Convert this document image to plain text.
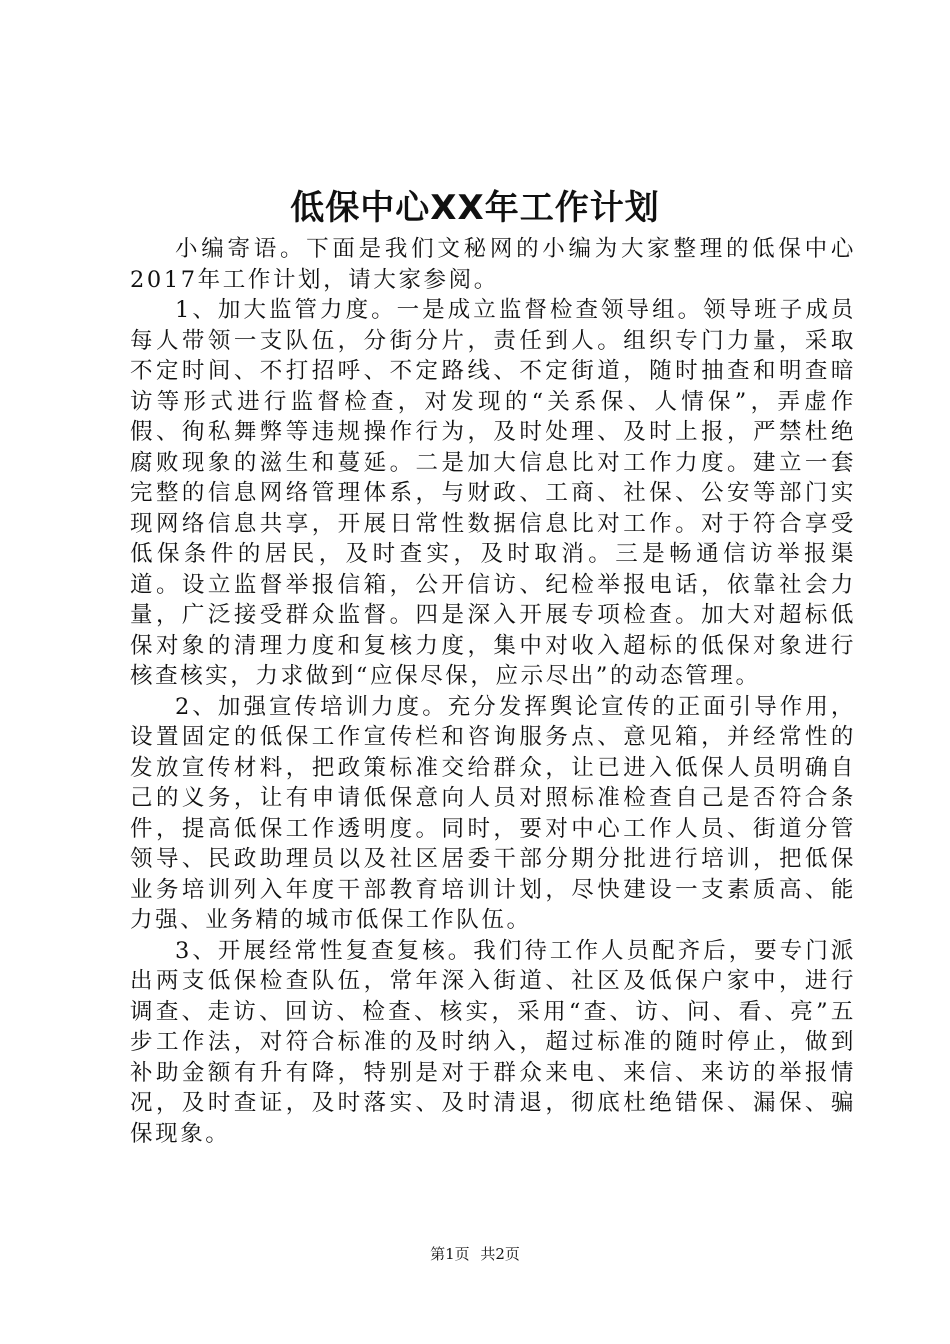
低保中心XX年工作计划

小编寄语。下面是我们文秘网的小编为大家整理的低保中心2017年工作计划，请大家参阅。

1、加大监管力度。一是成立监督检查领导组。领导班子成员每人带领一支队伍，分街分片，责任到人。组织专门力量，采取不定时间、不打招呼、不定路线、不定街道，随时抽查和明查暗访等形式进行监督检查，对发现的“关系保、人情保”，弄虚作假、徇私舞弊等违规操作行为，及时处理、及时上报，严禁杜绝腐败现象的滋生和蔓延。二是加大信息比对工作力度。建立一套完整的信息网络管理体系，与财政、工商、社保、公安等部门实现网络信息共享，开展日常性数据信息比对工作。对于符合享受低保条件的居民，及时查实，及时取消。三是畅通信访举报渠道。设立监督举报信箱，公开信访、纪检举报电话，依靠社会力量，广泛接受群众监督。四是深入开展专项检查。加大对超标低保对象的清理力度和复核力度，集中对收入超标的低保对象进行核查核实，力求做到“应保尽保，应示尽出”的动态管理。

2、加强宣传培训力度。充分发挥舆论宣传的正面引导作用，设置固定的低保工作宣传栏和咨询服务点、意见箱，并经常性的发放宣传材料，把政策标准交给群众，让已进入低保人员明确自己的义务，让有申请低保意向人员对照标准检查自己是否符合条件，提高低保工作透明度。同时，要对中心工作人员、街道分管领导、民政助理员以及社区居委干部分期分批进行培训，把低保业务培训列入年度干部教育培训计划，尽快建设一支素质高、能力强、业务精的城市低保工作队伍。

3、开展经常性复查复核。我们待工作人员配齐后，要专门派出两支低保检查队伍，常年深入街道、社区及低保户家中，进行调查、走访、回访、检查、核实，采用“查、访、问、看、亮”五步工作法，对符合标准的及时纳入，超过标准的随时停止，做到补助金额有升有降，特别是对于群众来电、来信、来访的举报情况，及时查证，及时落实、及时清退，彻底杜绝错保、漏保、骗保现象。

第1页 共2页
